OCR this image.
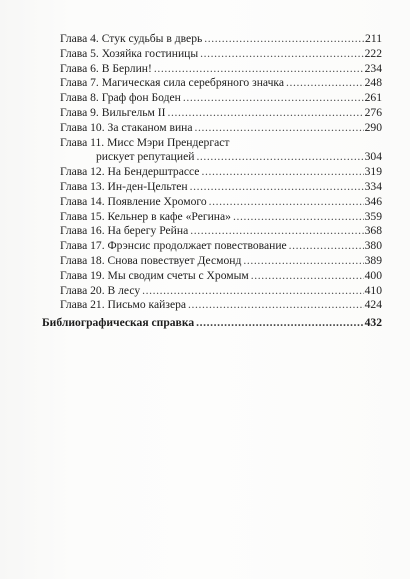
Глава 4. Стук судьбы в дверь .....	211
Глава 5. Хозяйка гостиницы .....	222
Глава 6. В Берлин! .....	234
Глава 7. Магическая сила серебряного значка .....	248
Глава 8. Граф фон Боден .....	261
Глава 9. Вильгельм II .....	276
Глава 10. За стаканом вина .....	290
Глава 11. Мисс Мэри Прендергаст
рискует репутацией .....	304
Глава 12. На Бендерштрассе .....	319
Глава 13. Ин-ден-Цельтен .....	334
Глава 14. Появление Хромого .....	346
Глава 15. Кельнер в кафе «Регина» .....	359
Глава 16. На берегу Рейна .....	368
Глава 17. Фрэнсис продолжает повествование .....	380
Глава 18. Снова повествует Десмонд .....	389
Глава 19. Мы сводим счеты с Хромым .....	400
Глава 20. В лесу .....	410
Глава 21. Письмо кайзера .....	424
Библиографическая справка .....	432
